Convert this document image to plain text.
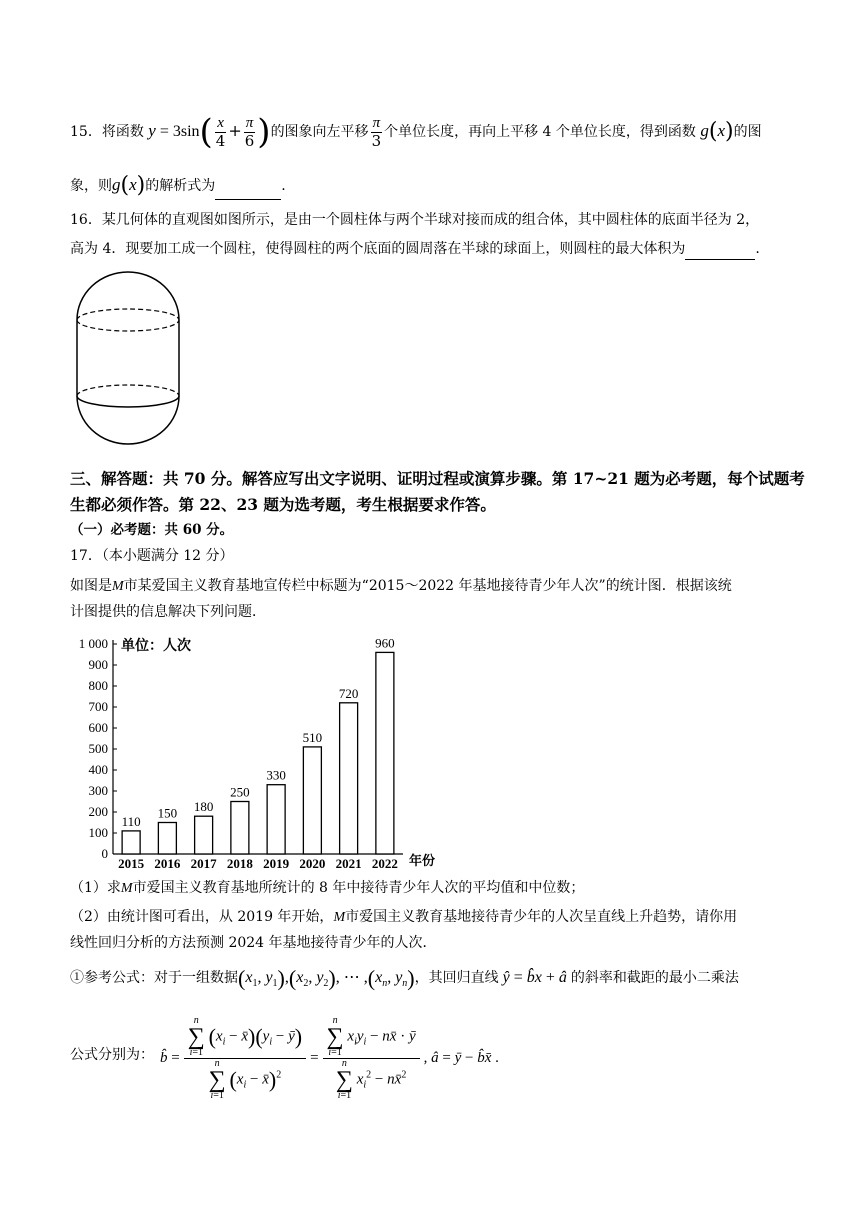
15．将函数 $y = 3\sin( \frac{x}{4} + \frac{\pi}{6}$ )的图象向左平移 $\frac{\pi}{3}$ 个单位长度，再向上平移 4 个单位长度，得到函数 g(x)的图
象，则g(x)的解析式为	.
16．某几何体的直观图如图所示，是由一个圆柱体与两个半球对接而成的组合体，其中圆柱体的底面半径为 2，
高为 4．现要加工成一个圆柱，使得圆柱的两个底面的圆周落在半球的球面上，则圆柱的最大体积为	.
三、解答题：共 70 分。解答应写出文字说明、证明过程或演算步骤。第 17~21 题为必考题，每个试题考生都必须作答。第 22、23 题为选考题，考生根据要求作答。
（一）必考题：共 60 分。
17．（本小题满分 12 分）
如图是M市某爱国主义教育基地宣传栏中标题为“2015～2022 年基地接待青少年人次”的统计图．根据该统
计图提供的信息解决下列问题．
0
100
200
300
400
500
600
700
800
900
1 000
110
2015
150
2016
180
2017
250
2018
330
2019
510
2020
720
2021
960
2022
单位：人次
年份
（1）求M市爱国主义教育基地所统计的 8 年中接待青少年人次的平均值和中位数；
（2）由统计图可看出，从 2019 年开始，M市爱国主义教育基地接待青少年的人次呈直线上升趋势，请你用
线性回归分析的方法预测 2024 年基地接待青少年的人次．
①参考公式：对于一组数据($x_1$, $y_1),(x_2$, $y_2$), ⋯ $,(x_n$, $y_n$)，其回归直线 ŷ = b̂x + â 的斜率和截距的最小二乘法
公式分别为： b̂ = n
∑
i=1
($x_i$ − $x̄)(y_i$ − ȳ)
n
∑
i=1
($x_i$ − x̄)$^2$ = n
∑
i=1
$x_iy_i$ − nx̄ · ȳ
n
∑
i=1
$x_i^2$ − nx̄$^2$ , â = ȳ − b̂x̄ .
